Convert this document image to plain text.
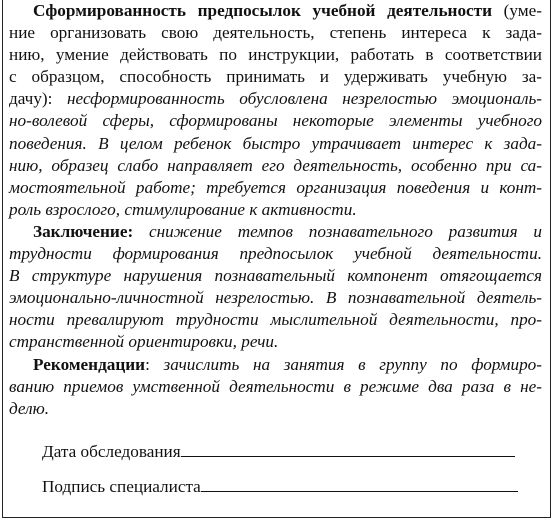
Сформированность предпосылок учебной деятельности (уме-
ние организовать свою деятельность, степень интереса к зада-
нию, умение действовать по инструкции, работать в соответствии
с образцом, способность принимать и удерживать учебную за-
дачу): несформированность обусловлена незрелостью эмоциональ-
но-волевой сферы, сформированы некоторые элементы учебного
поведения. В целом ребенок быстро утрачивает интерес к зада-
нию, образец слабо направляет его деятельность, особенно при са-
мостоятельной работе; требуется организация поведения и конт-
роль взрослого, стимулирование к активности.
Заключение: снижение темпов познавательного развития и
трудности формирования предпосылок учебной деятельности.
В структуре нарушения познавательный компонент отягощается
эмоционально-личностной незрелостью. В познавательной деятель-
ности превалируют трудности мыслительной деятельности, про-
странственной ориентировки, речи.
Рекомендации: зачислить на занятия в группу по формиро-
ванию приемов умственной деятельности в режиме два раза в не-
делю.
Дата обследования
Подпись специалиста
